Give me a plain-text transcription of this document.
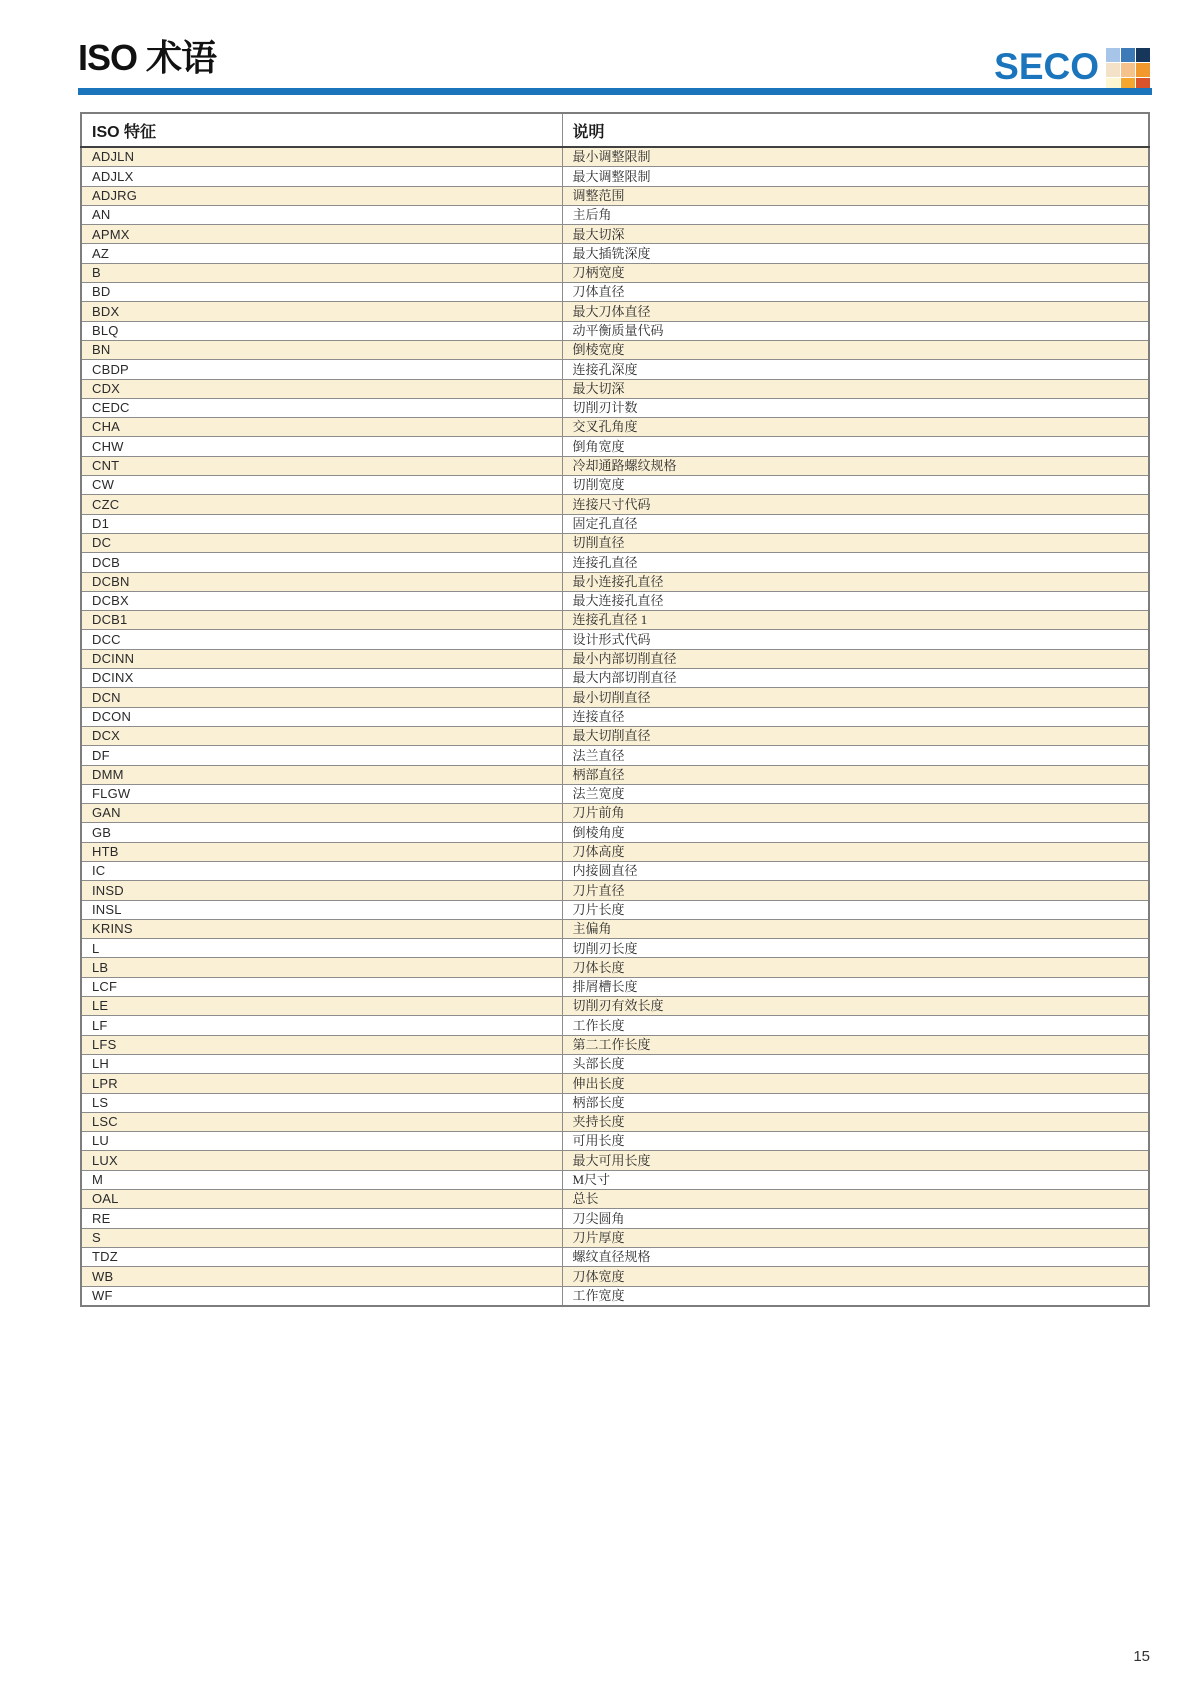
ISO 术语	SECO
ISO 特征	说明
ADJLN	最小调整限制
ADJLX	最大调整限制
ADJRG	调整范围
AN	主后角
APMX	最大切深
AZ	最大插铣深度
B	刀柄宽度
BD	刀体直径
BDX	最大刀体直径
BLQ	动平衡质量代码
BN	倒棱宽度
CBDP	连接孔深度
CDX	最大切深
CEDC	切削刃计数
CHA	交叉孔角度
CHW	倒角宽度
CNT	冷却通路螺纹规格
CW	切削宽度
CZC	连接尺寸代码
D1	固定孔直径
DC	切削直径
DCB	连接孔直径
DCBN	最小连接孔直径
DCBX	最大连接孔直径
DCB1	连接孔直径 1
DCC	设计形式代码
DCINN	最小内部切削直径
DCINX	最大内部切削直径
DCN	最小切削直径
DCON	连接直径
DCX	最大切削直径
DF	法兰直径
DMM	柄部直径
FLGW	法兰宽度
GAN	刀片前角
GB	倒棱角度
HTB	刀体高度
IC	内接圆直径
INSD	刀片直径
INSL	刀片长度
KRINS	主偏角
L	切削刃长度
LB	刀体长度
LCF	排屑槽长度
LE	切削刃有效长度
LF	工作长度
LFS	第二工作长度
LH	头部长度
LPR	伸出长度
LS	柄部长度
LSC	夹持长度
LU	可用长度
LUX	最大可用长度
M	M尺寸
OAL	总长
RE	刀尖圆角
S	刀片厚度
TDZ	螺纹直径规格
WB	刀体宽度
WF	工作宽度
15
